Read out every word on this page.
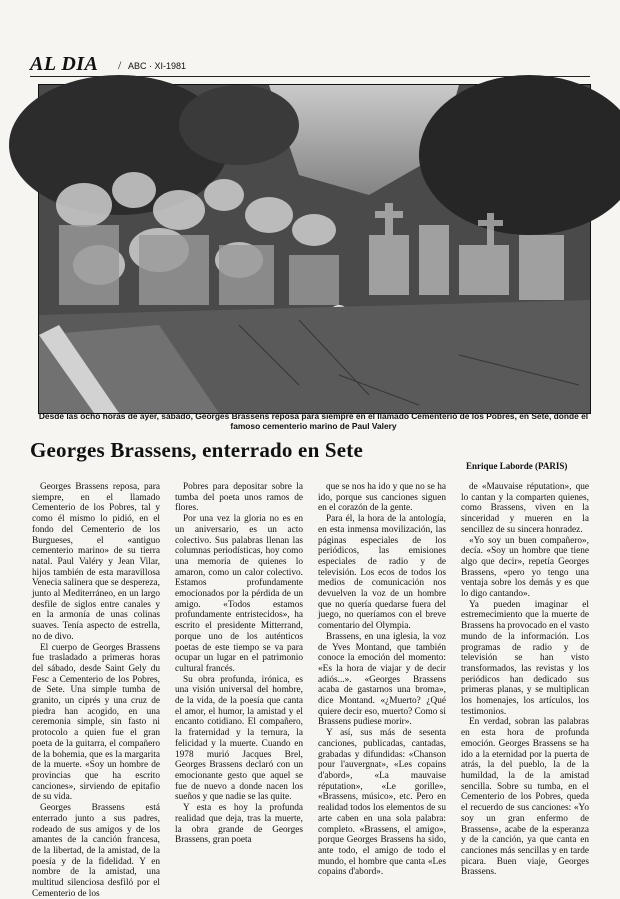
AL DIA / ABC · XI-1981
Desde las ocho horas de ayer, sábado, Georges Brassens reposa para siempre en el llamado Cementerio de los Pobres, en Sete, donde el famoso cementerio marino de Paul Valery
Georges Brassens, enterrado en Sete
Enrique Laborde (PARIS)

Georges Brassens reposa, para siempre, en el llamado Cementerio de los Pobres, tal y como él mismo lo pidió, en el fondo del Cementerio de los Burgueses, el «antiguo cementerio marino» de su tierra natal. Paul Valéry y Jean Vilar, hijos también de esta maravillosa Venecia salinera que se despereza, junto al Mediterráneo, en un largo desfile de siglos entre canales y en la armonía de unas colinas suaves. Tenía aspecto de estrella, no de divo.

El cuerpo de Georges Brassens fue trasladado a primeras horas del sábado, desde Saint Gely du Fesc a Cementerio de los Pobres, de Sete. Una simple tumba de granito, un ciprés y una cruz de piedra han acogido, en una ceremonia simple, sin fasto ni protocolo a quien fue el gran poeta de la guitarra, el compañero de la bohemia, que es la margarita de la muerte. «Soy un hombre de provincias que ha escrito canciones», sirviendo de epitafio de su vida.

Georges Brassens está enterrado junto a sus padres, rodeado de sus amigos y de los amantes de la canción francesa, de la libertad, de la amistad, de la poesía y de la fidelidad. Y en nombre de la amistad, una multitud silenciosa desfiló por el Cementerio de los

Pobres para depositar sobre la tumba del poeta unos ramos de flores.

Por una vez la gloria no es en un aniversario, es un acto colectivo. Sus palabras llenan las columnas periodísticas, hoy como una memoria de quienes lo amaron, como un calor colectivo. Estamos profundamente emocionados por la pérdida de un amigo. «Todos estamos profundamente entristecidos», ha escrito el presidente Mitterrand, porque uno de los auténticos poetas de este tiempo se va para ocupar un lugar en el patrimonio cultural francés.

Su obra profunda, irónica, es una visión universal del hombre, de la vida, de la poesía que canta el amor, el humor, la amistad y el encanto cotidiano. El compañero, la fraternidad y la ternura, la felicidad y la muerte. Cuando en 1978 murió Jacques Brel, Georges Brassens declaró con un emocionante gesto que aquel se fue de nuevo a donde nacen los sueños y que nadie se las quite.

Y esta es hoy la profunda realidad que deja, tras la muerte, la obra grande de Georges Brassens, gran poeta

que se nos ha ido y que no se ha ido, porque sus canciones siguen en el corazón de la gente.

Para él, la hora de la antología, en esta inmensa movilización, las páginas especiales de los periódicos, las emisiones especiales de radio y de televisión. Los ecos de todos los medios de comunicación nos devuelven la voz de un hombre que no quería quedarse fuera del juego, no queríamos con el breve comentario del Olympia.

Brassens, en una iglesia, la voz de Yves Montand, que también conoce la emoción del momento: «Es la hora de viajar y de decir adiós...». «Georges Brassens acaba de gastarnos una broma», dice Montand. «¿Muerto? ¿Qué quiere decir eso, muerto? Como si Brassens pudiese morir».

Y así, sus más de sesenta canciones, publicadas, cantadas, grabadas y difundidas: «Chanson pour l'auvergnat», «Les copains d'abord», «La mauvaise réputation», «Le gorille», «Brassens, músico», etc. Pero en realidad todos los elementos de su arte caben en una sola palabra: completo. «Brassens, el amigo», porque Georges Brassens ha sido, ante todo, el amigo de todo el mundo, el hombre que canta «Les copains d'abord».

de «Mauvaise réputation», que lo cantan y la comparten quienes, como Brassens, viven en la sinceridad y mueren en la sencillez de su sincera honradez.

«Yo soy un buen compañero», decía. «Soy un hombre que tiene algo que decir», repetía Georges Brassens, «pero yo tengo una ventaja sobre los demás y es que lo digo cantando».

Ya pueden imaginar el estremecimiento que la muerte de Brassens ha provocado en el vasto mundo de la información. Los programas de radio y de televisión se han visto transformados, las revistas y los periódicos han dedicado sus primeras planas, y se multiplican los homenajes, los artículos, los testimonios.

En verdad, sobran las palabras en esta hora de profunda emoción. Georges Brassens se ha ido a la eternidad por la puerta de atrás, la del pueblo, la de la humildad, la de la amistad sencilla. Sobre su tumba, en el Cementerio de los Pobres, queda el recuerdo de sus canciones: «Yo soy un gran enfermo de Brassens», acabe de la esperanza y de la canción, ya que canta en canciones más sencillas y en tarde picara. Buen viaje, Georges Brassens.
